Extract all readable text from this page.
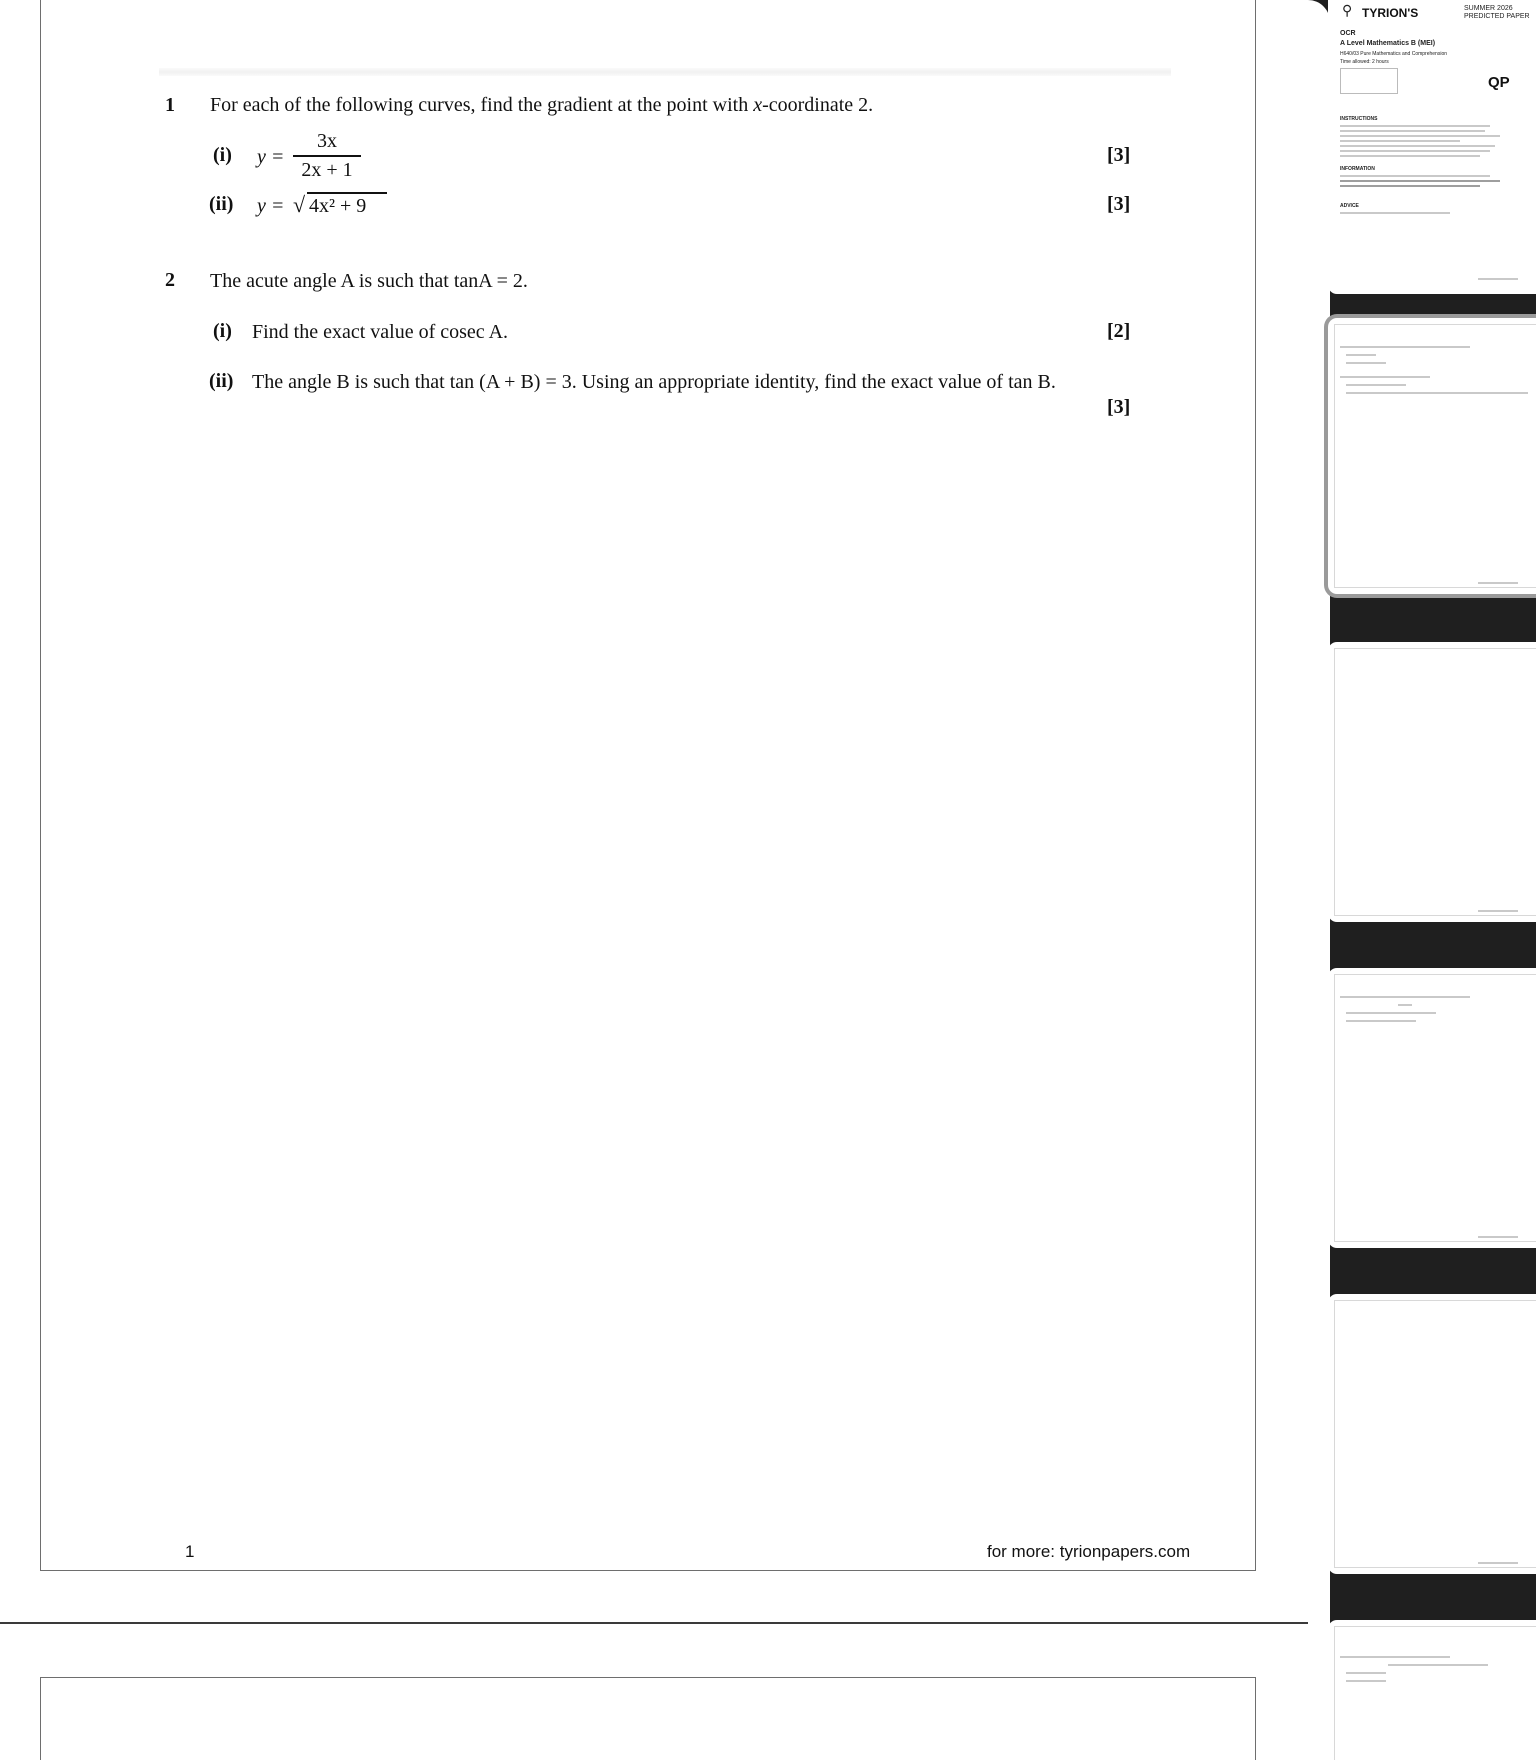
1 For each of the following curves, find the gradient at the point with x-coordinate 2.
(i) y =
3x
2x + 1
[3]
(ii) y = √ 4x² + 9	[3]
2 The acute angle A is such that tanA = 2.
(i) Find the exact value of cosec A.	[2]
(ii) The angle B is such that tan (A + B) = 3. Using an appropriate identity, find the exact value of tan B.
[3]
1	for more: tyrionpapers.com
⚲ TYRION'S	SUMMER 2026
PREDICTED PAPER
OCR
A Level Mathematics B (MEI)
H640/03 Pure Mathematics and Comprehension
Time allowed: 2 hours
QP
INSTRUCTIONS
INFORMATION
ADVICE
